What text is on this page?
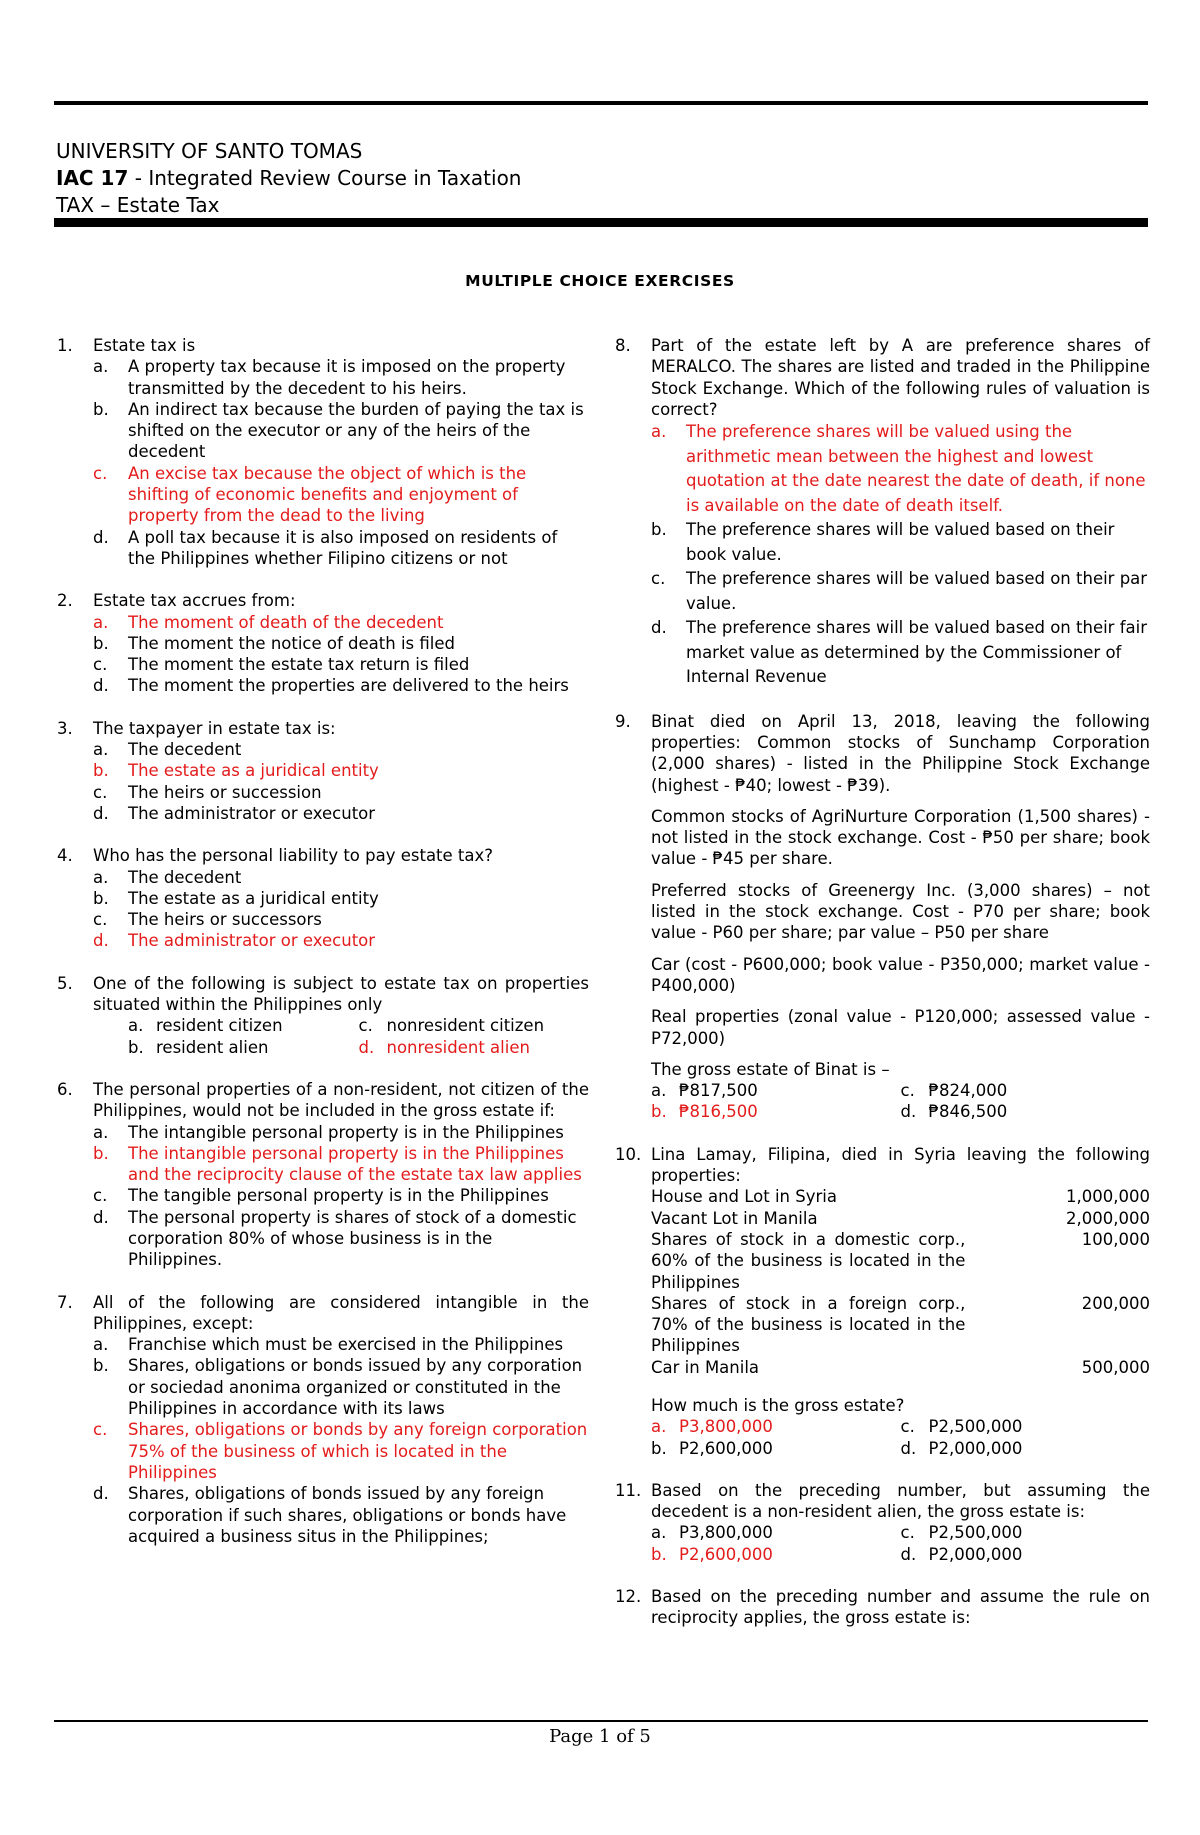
UNIVERSITY OF SANTO TOMAS
IAC 17 - Integrated Review Course in Taxation
TAX – Estate Tax
MULTIPLE CHOICE EXERCISES
1. Estate tax is
a. A property tax because it is imposed on the property transmitted by the decedent to his heirs.
b. An indirect tax because the burden of paying the tax is shifted on the executor or any of the heirs of the decedent
c. An excise tax because the object of which is the shifting of economic benefits and enjoyment of property from the dead to the living
d. A poll tax because it is also imposed on residents of the Philippines whether Filipino citizens or not
2. Estate tax accrues from:
a. The moment of death of the decedent
b. The moment the notice of death is filed
c. The moment the estate tax return is filed
d. The moment the properties are delivered to the heirs
3. The taxpayer in estate tax is:
a. The decedent
b. The estate as a juridical entity
c. The heirs or succession
d. The administrator or executor
4. Who has the personal liability to pay estate tax?
a. The decedent
b. The estate as a juridical entity
c. The heirs or successors
d. The administrator or executor
5. One of the following is subject to estate tax on properties situated within the Philippines only
a. resident citizen	c. nonresident citizen
b. resident alien	d. nonresident alien
6. The personal properties of a non-resident, not citizen of the Philippines, would not be included in the gross estate if:
a. The intangible personal property is in the Philippines
b. The intangible personal property is in the Philippines and the reciprocity clause of the estate tax law applies
c. The tangible personal property is in the Philippines
d. The personal property is shares of stock of a domestic corporation 80% of whose business is in the Philippines.
7. All of the following are considered intangible in the Philippines, except:
a. Franchise which must be exercised in the Philippines
b. Shares, obligations or bonds issued by any corporation or sociedad anonima organized or constituted in the Philippines in accordance with its laws
c. Shares, obligations or bonds by any foreign corporation 75% of the business of which is located in the Philippines
d. Shares, obligations of bonds issued by any foreign corporation if such shares, obligations or bonds have acquired a business situs in the Philippines;
8. Part of the estate left by A are preference shares of MERALCO. The shares are listed and traded in the Philippine Stock Exchange. Which of the following rules of valuation is correct?
a. The preference shares will be valued using the arithmetic mean between the highest and lowest quotation at the date nearest the date of death, if none is available on the date of death itself.
b. The preference shares will be valued based on their book value.
c. The preference shares will be valued based on their par value.
d. The preference shares will be valued based on their fair market value as determined by the Commissioner of Internal Revenue
9. Binat died on April 13, 2018, leaving the following properties: Common stocks of Sunchamp Corporation (2,000 shares) - listed in the Philippine Stock Exchange (highest - ₱40; lowest - ₱39).
Common stocks of AgriNurture Corporation (1,500 shares) - not listed in the stock exchange. Cost - ₱50 per share; book value - ₱45 per share.
Preferred stocks of Greenergy Inc. (3,000 shares) – not listed in the stock exchange. Cost - P70 per share; book value - P60 per share; par value – P50 per share
Car (cost - P600,000; book value - P350,000; market value - P400,000)
Real properties (zonal value - P120,000; assessed value - P72,000)
The gross estate of Binat is –
a. ₱817,500	c. ₱824,000
b. ₱816,500	d. ₱846,500
10. Lina Lamay, Filipina, died in Syria leaving the following properties:
House and Lot in Syria	1,000,000
Vacant Lot in Manila	2,000,000
Shares of stock in a domestic corp., 60% of the business is located in the Philippines	100,000
Shares of stock in a foreign corp., 70% of the business is located in the Philippines	200,000
Car in Manila	500,000
How much is the gross estate?
a. P3,800,000	c. P2,500,000
b. P2,600,000	d. P2,000,000
11. Based on the preceding number, but assuming the decedent is a non-resident alien, the gross estate is:
a. P3,800,000	c. P2,500,000
b. P2,600,000	d. P2,000,000
12. Based on the preceding number and assume the rule on reciprocity applies, the gross estate is:
Page 1 of 5
